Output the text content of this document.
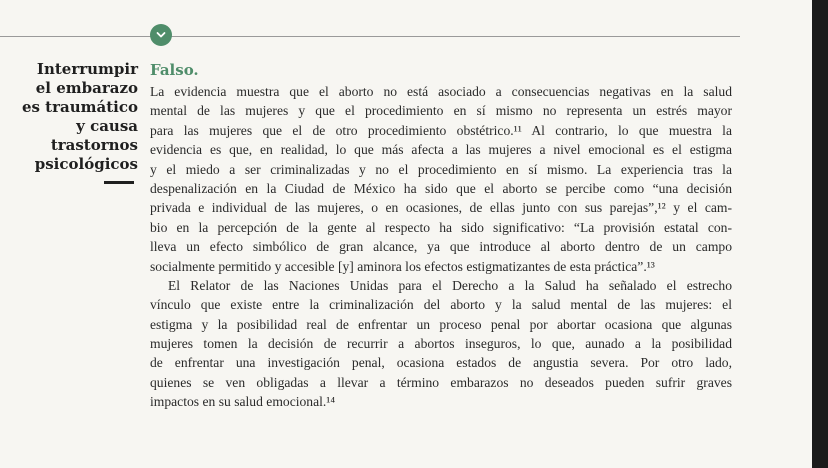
Interrumpir
el embarazo
es traumático
y causa
trastornos
psicológicos
Falso.
La evidencia muestra que el aborto no está asociado a consecuencias negativas en la salud
mental de las mujeres y que el procedimiento en sí mismo no representa un estrés mayor
para las mujeres que el de otro procedimiento obstétrico.¹¹ Al contrario, lo que muestra la
evidencia es que, en realidad, lo que más afecta a las mujeres a nivel emocional es el estigma
y el miedo a ser criminalizadas y no el procedimiento en sí mismo. La experiencia tras la
despenalización en la Ciudad de México ha sido que el aborto se percibe como “una decisión
privada e individual de las mujeres, o en ocasiones, de ellas junto con sus parejas”,¹² y el cam-
bio en la percepción de la gente al respecto ha sido significativo: “La provisión estatal con-
lleva un efecto simbólico de gran alcance, ya que introduce al aborto dentro de un campo
socialmente permitido y accesible [y] aminora los efectos estigmatizantes de esta práctica”.¹³
El Relator de las Naciones Unidas para el Derecho a la Salud ha señalado el estrecho
vínculo que existe entre la criminalización del aborto y la salud mental de las mujeres: el
estigma y la posibilidad real de enfrentar un proceso penal por abortar ocasiona que algunas
mujeres tomen la decisión de recurrir a abortos inseguros, lo que, aunado a la posibilidad
de enfrentar una investigación penal, ocasiona estados de angustia severa. Por otro lado,
quienes se ven obligadas a llevar a término embarazos no deseados pueden sufrir graves
impactos en su salud emocional.¹⁴
